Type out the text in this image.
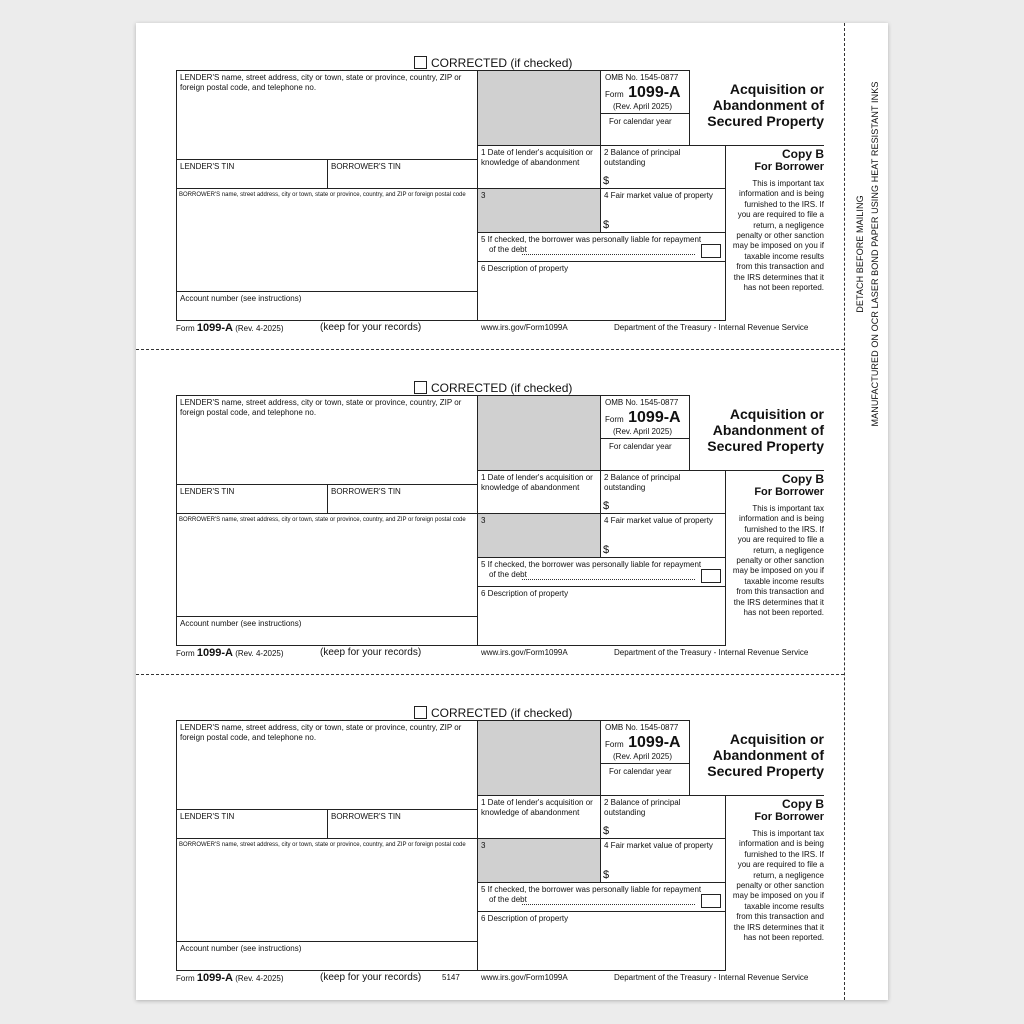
CORRECTED (if checked)
LENDER'S name, street address, city or town, state or province, country, ZIP or foreign postal code, and telephone no.
LENDER'S TIN	BORROWER'S TIN
BORROWER'S name, street address, city or town, state or province, country, and ZIP or foreign postal code
Account number (see instructions)
OMB No. 1545-0877
Form 1099-A
(Rev. April 2025)
For calendar year
Acquisition or
Abandonment of
Secured Property
1 Date of lender's acquisition or knowledge of abandonment
2 Balance of principal outstanding
$
3	4 Fair market value of property
$
5 If checked, the borrower was personally liable for repayment
of the debt
6 Description of property
Copy B
For Borrower
This is important tax information and is being furnished to the IRS. If you are required to file a return, a negligence penalty or other sanction may be imposed on you if taxable income results from this transaction and the IRS determines that it has not been reported.
Form 1099-A (Rev. 4-2025)	(keep for your records)	www.irs.gov/Form1099A	Department of the Treasury - Internal Revenue Service
CORRECTED (if checked)
LENDER'S name, street address, city or town, state or province, country, ZIP or foreign postal code, and telephone no.
LENDER'S TIN	BORROWER'S TIN
BORROWER'S name, street address, city or town, state or province, country, and ZIP or foreign postal code
Account number (see instructions)
OMB No. 1545-0877
Form 1099-A
(Rev. April 2025)
For calendar year
Acquisition or
Abandonment of
Secured Property
1 Date of lender's acquisition or knowledge of abandonment
2 Balance of principal outstanding
$
3	4 Fair market value of property
$
5 If checked, the borrower was personally liable for repayment
of the debt
6 Description of property
Copy B
For Borrower
This is important tax information and is being furnished to the IRS. If you are required to file a return, a negligence penalty or other sanction may be imposed on you if taxable income results from this transaction and the IRS determines that it has not been reported.
Form 1099-A (Rev. 4-2025)	(keep for your records)	www.irs.gov/Form1099A	Department of the Treasury - Internal Revenue Service
CORRECTED (if checked)
LENDER'S name, street address, city or town, state or province, country, ZIP or foreign postal code, and telephone no.
LENDER'S TIN	BORROWER'S TIN
BORROWER'S name, street address, city or town, state or province, country, and ZIP or foreign postal code
Account number (see instructions)
OMB No. 1545-0877
Form 1099-A
(Rev. April 2025)
For calendar year
Acquisition or
Abandonment of
Secured Property
1 Date of lender's acquisition or knowledge of abandonment
2 Balance of principal outstanding
$
3	4 Fair market value of property
$
5 If checked, the borrower was personally liable for repayment
of the debt
6 Description of property
Copy B
For Borrower
This is important tax information and is being furnished to the IRS. If you are required to file a return, a negligence penalty or other sanction may be imposed on you if taxable income results from this transaction and the IRS determines that it has not been reported.
Form 1099-A (Rev. 4-2025)	(keep for your records)	5147	www.irs.gov/Form1099A	Department of the Treasury - Internal Revenue Service
DETACH BEFORE MAILING MANUFACTURED ON OCR LASER BOND PAPER USING HEAT RESISTANT INKS
